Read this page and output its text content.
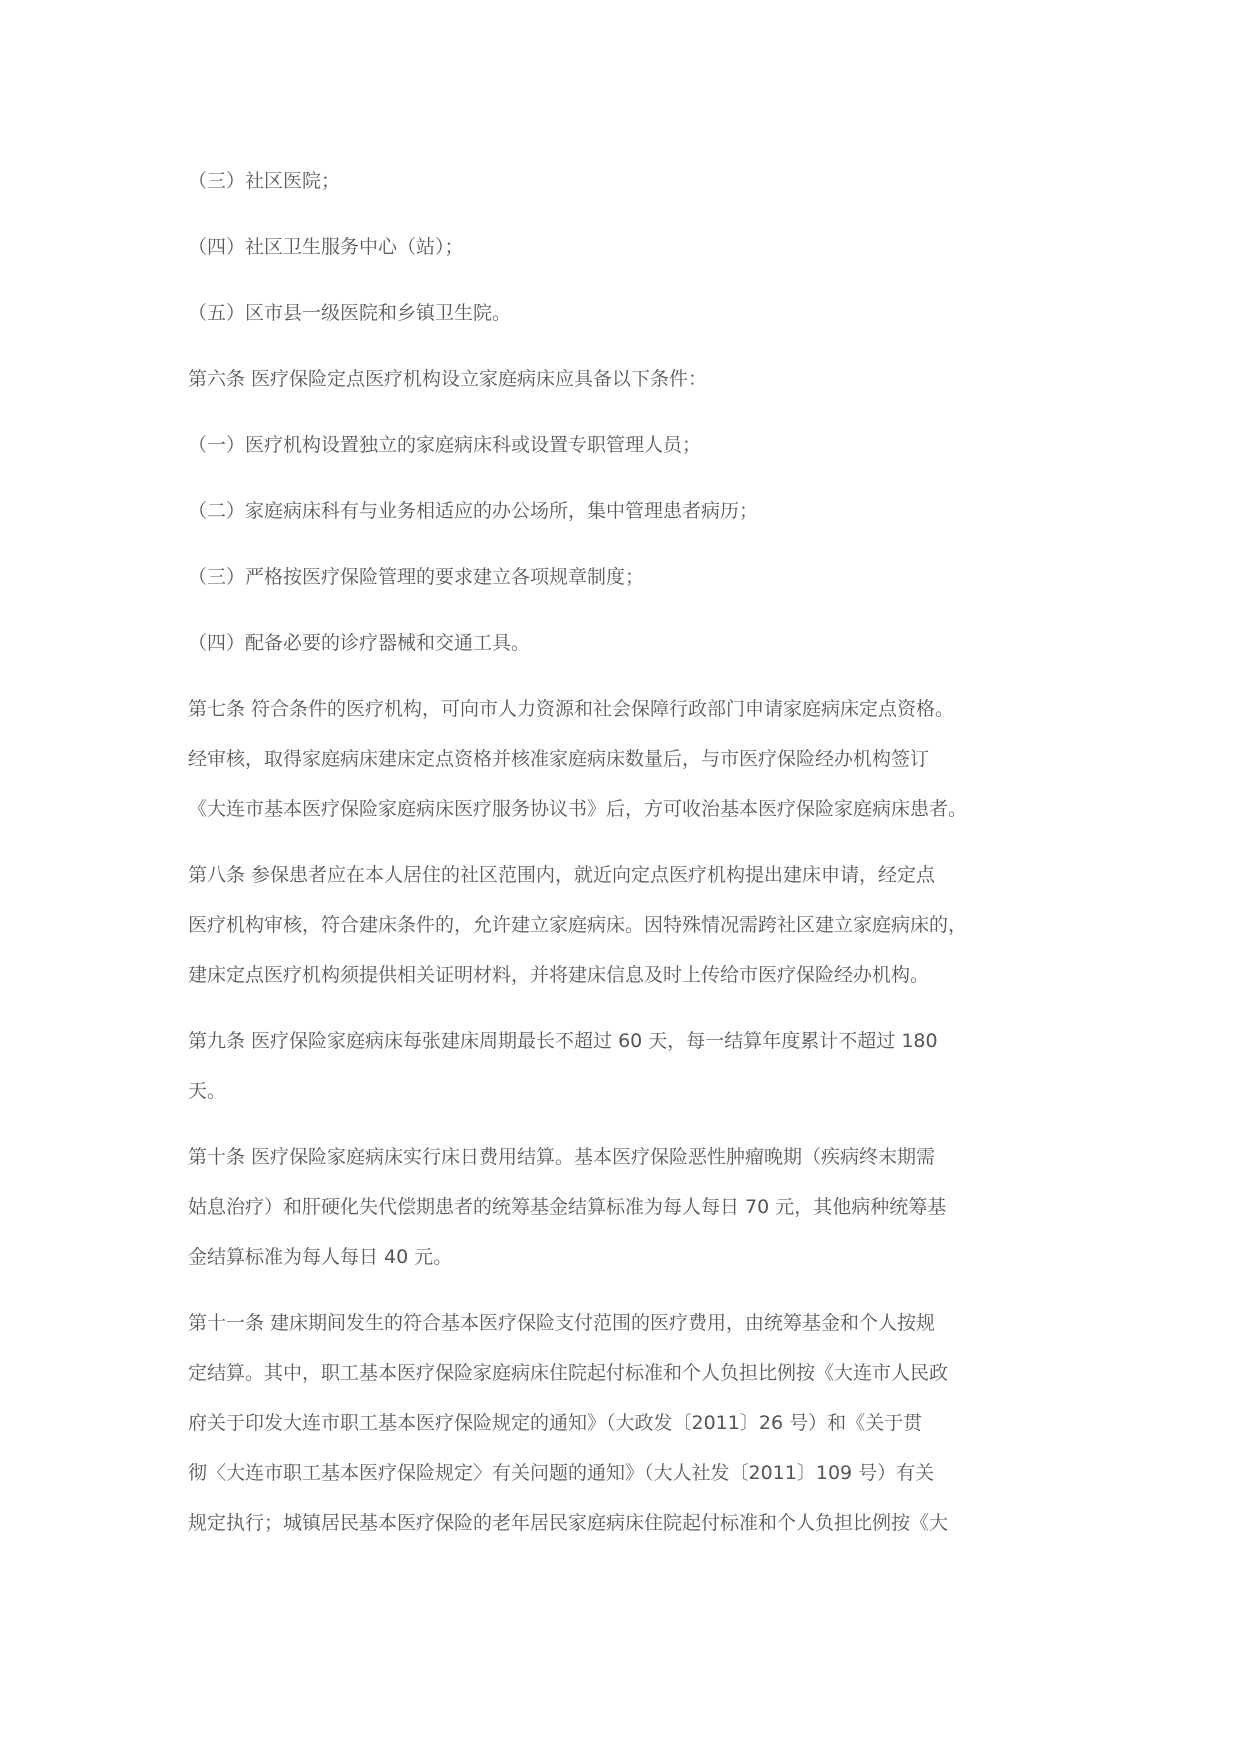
（三）社区医院；
（四）社区卫生服务中心（站）；
（五）区市县一级医院和乡镇卫生院。
第六条 医疗保险定点医疗机构设立家庭病床应具备以下条件：
（一）医疗机构设置独立的家庭病床科或设置专职管理人员；
（二）家庭病床科有与业务相适应的办公场所，集中管理患者病历；
（三）严格按医疗保险管理的要求建立各项规章制度；
（四）配备必要的诊疗器械和交通工具。
第七条 符合条件的医疗机构，可向市人力资源和社会保障行政部门申请家庭病床定点资格。
经审核，取得家庭病床建床定点资格并核准家庭病床数量后，与市医疗保险经办机构签订
《大连市基本医疗保险家庭病床医疗服务协议书》后，方可收治基本医疗保险家庭病床患者。
第八条 参保患者应在本人居住的社区范围内，就近向定点医疗机构提出建床申请，经定点
医疗机构审核，符合建床条件的，允许建立家庭病床。因特殊情况需跨社区建立家庭病床的，
建床定点医疗机构须提供相关证明材料，并将建床信息及时上传给市医疗保险经办机构。
第九条 医疗保险家庭病床每张建床周期最长不超过 60 天，每一结算年度累计不超过 180
天。
第十条 医疗保险家庭病床实行床日费用结算。基本医疗保险恶性肿瘤晚期（疾病终末期需
姑息治疗）和肝硬化失代偿期患者的统筹基金结算标准为每人每日 70 元，其他病种统筹基
金结算标准为每人每日 40 元。
第十一条 建床期间发生的符合基本医疗保险支付范围的医疗费用，由统筹基金和个人按规
定结算。其中，职工基本医疗保险家庭病床住院起付标准和个人负担比例按《大连市人民政
府关于印发大连市职工基本医疗保险规定的通知》（大政发〔2011〕26 号）和《关于贯
彻〈大连市职工基本医疗保险规定〉有关问题的通知》（大人社发〔2011〕109 号）有关
规定执行；城镇居民基本医疗保险的老年居民家庭病床住院起付标准和个人负担比例按《大
